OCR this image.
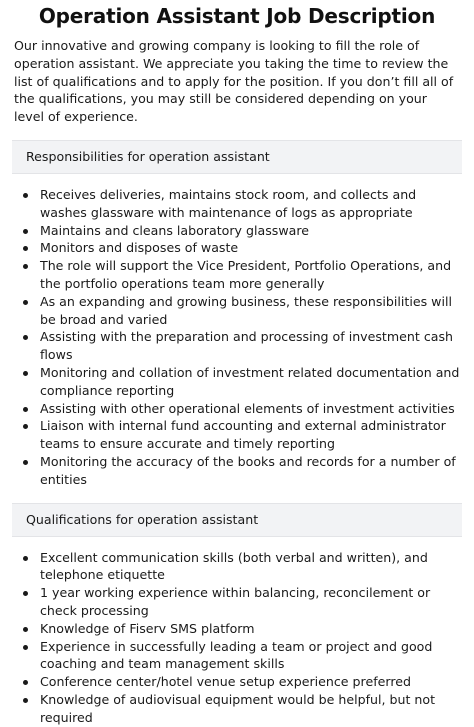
Operation Assistant Job Description

Our innovative and growing company is looking to fill the role of operation assistant. We appreciate you taking the time to review the list of qualifications and to apply for the position. If you don’t fill all of the qualifications, you may still be considered depending on your level of experience.

Responsibilities for operation assistant
Receives deliveries, maintains stock room, and collects and washes glassware with maintenance of logs as appropriate
Maintains and cleans laboratory glassware
Monitors and disposes of waste
The role will support the Vice President, Portfolio Operations, and the portfolio operations team more generally
As an expanding and growing business, these responsibilities will be broad and varied
Assisting with the preparation and processing of investment cash flows
Monitoring and collation of investment related documentation and compliance reporting
Assisting with other operational elements of investment activities
Liaison with internal fund accounting and external administrator teams to ensure accurate and timely reporting
Monitoring the accuracy of the books and records for a number of entities
Qualifications for operation assistant
Excellent communication skills (both verbal and written), and telephone etiquette
1 year working experience within balancing, reconcilement or check processing
Knowledge of Fiserv SMS platform
Experience in successfully leading a team or project and good coaching and team management skills
Conference center/hotel venue setup experience preferred
Knowledge of audiovisual equipment would be helpful, but not required
